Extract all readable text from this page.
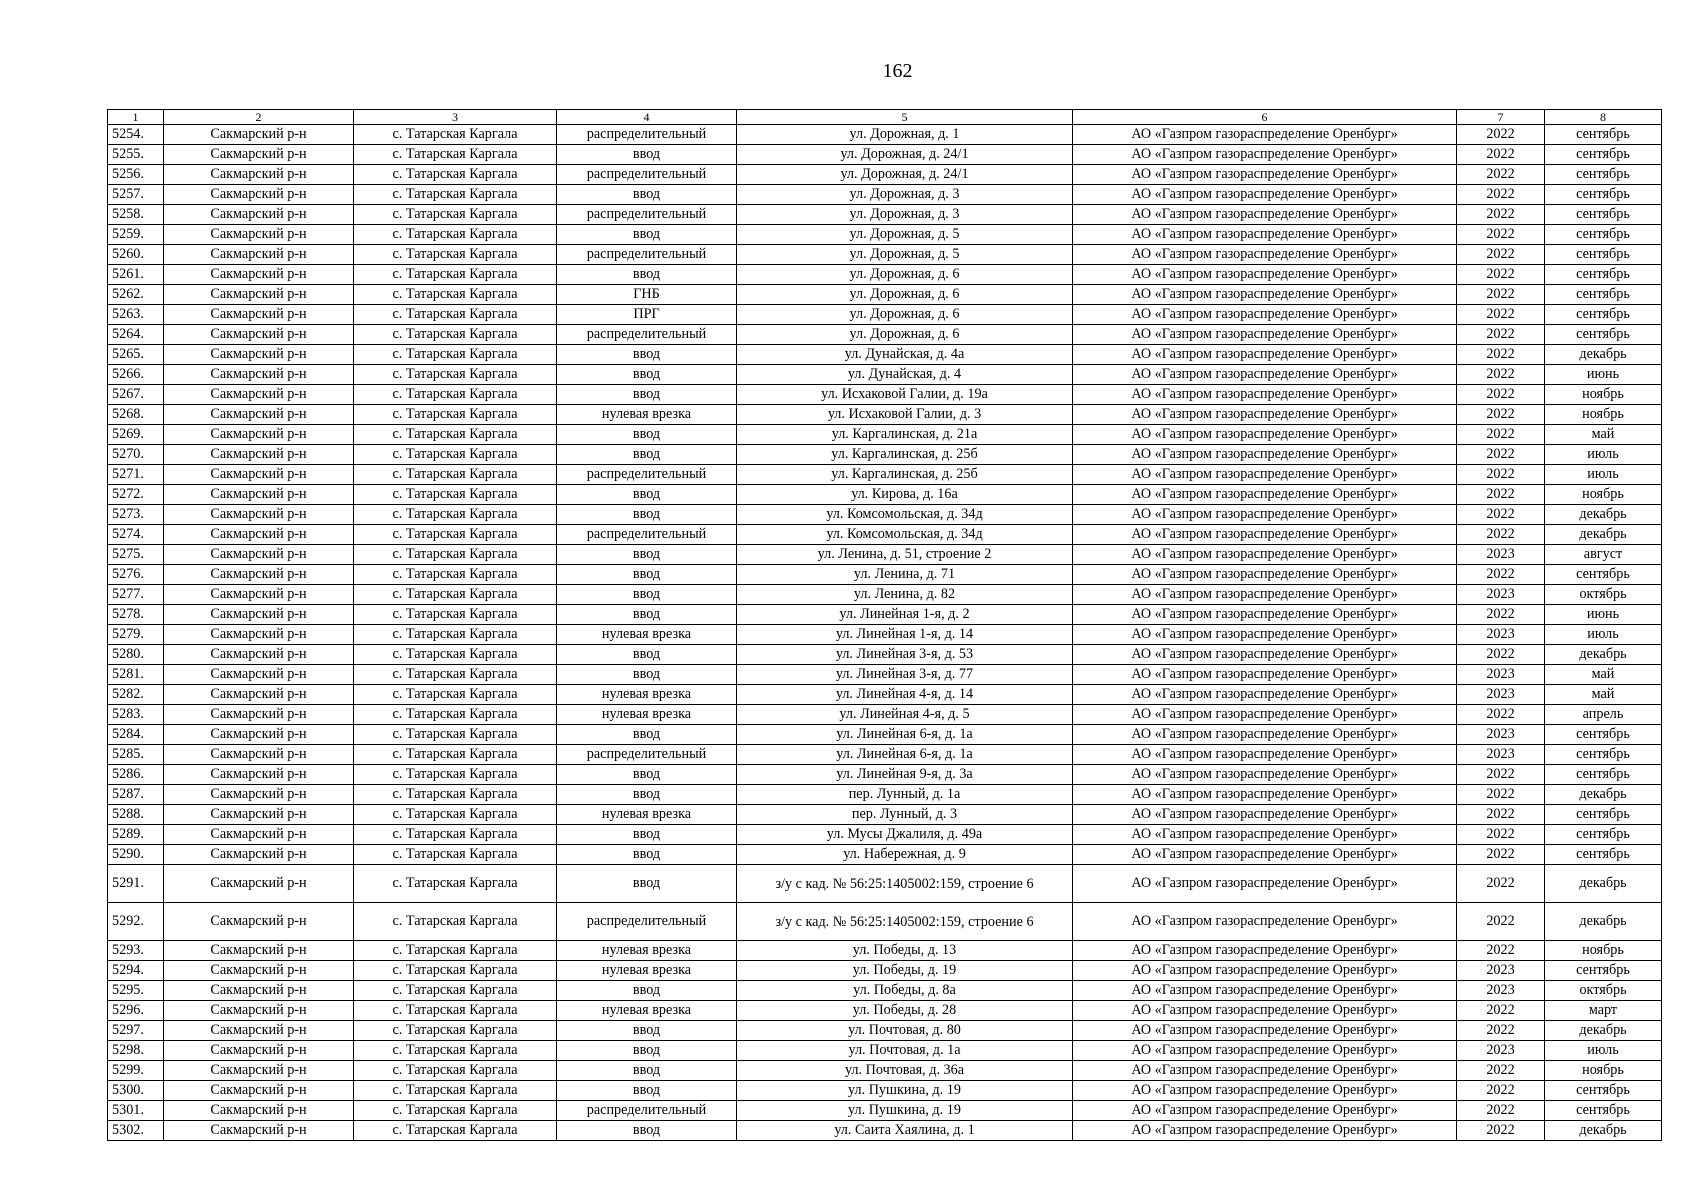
162
1	2	3	4	5	6	7	8
5254.	Сакмарский р-н	с. Татарская Каргала	распределительный	ул. Дорожная, д. 1	АО «Газпром газораспределение Оренбург»	2022	сентябрь
5255.	Сакмарский р-н	с. Татарская Каргала	ввод	ул. Дорожная, д. 24/1	АО «Газпром газораспределение Оренбург»	2022	сентябрь
5256.	Сакмарский р-н	с. Татарская Каргала	распределительный	ул. Дорожная, д. 24/1	АО «Газпром газораспределение Оренбург»	2022	сентябрь
5257.	Сакмарский р-н	с. Татарская Каргала	ввод	ул. Дорожная, д. 3	АО «Газпром газораспределение Оренбург»	2022	сентябрь
5258.	Сакмарский р-н	с. Татарская Каргала	распределительный	ул. Дорожная, д. 3	АО «Газпром газораспределение Оренбург»	2022	сентябрь
5259.	Сакмарский р-н	с. Татарская Каргала	ввод	ул. Дорожная, д. 5	АО «Газпром газораспределение Оренбург»	2022	сентябрь
5260.	Сакмарский р-н	с. Татарская Каргала	распределительный	ул. Дорожная, д. 5	АО «Газпром газораспределение Оренбург»	2022	сентябрь
5261.	Сакмарский р-н	с. Татарская Каргала	ввод	ул. Дорожная, д. 6	АО «Газпром газораспределение Оренбург»	2022	сентябрь
5262.	Сакмарский р-н	с. Татарская Каргала	ГНБ	ул. Дорожная, д. 6	АО «Газпром газораспределение Оренбург»	2022	сентябрь
5263.	Сакмарский р-н	с. Татарская Каргала	ПРГ	ул. Дорожная, д. 6	АО «Газпром газораспределение Оренбург»	2022	сентябрь
5264.	Сакмарский р-н	с. Татарская Каргала	распределительный	ул. Дорожная, д. 6	АО «Газпром газораспределение Оренбург»	2022	сентябрь
5265.	Сакмарский р-н	с. Татарская Каргала	ввод	ул. Дунайская, д. 4а	АО «Газпром газораспределение Оренбург»	2022	декабрь
5266.	Сакмарский р-н	с. Татарская Каргала	ввод	ул. Дунайская, д. 4	АО «Газпром газораспределение Оренбург»	2022	июнь
5267.	Сакмарский р-н	с. Татарская Каргала	ввод	ул. Исхаковой Галии, д. 19а	АО «Газпром газораспределение Оренбург»	2022	ноябрь
5268.	Сакмарский р-н	с. Татарская Каргала	нулевая врезка	ул. Исхаковой Галии, д. 3	АО «Газпром газораспределение Оренбург»	2022	ноябрь
5269.	Сакмарский р-н	с. Татарская Каргала	ввод	ул. Каргалинская, д. 21а	АО «Газпром газораспределение Оренбург»	2022	май
5270.	Сакмарский р-н	с. Татарская Каргала	ввод	ул. Каргалинская, д. 25б	АО «Газпром газораспределение Оренбург»	2022	июль
5271.	Сакмарский р-н	с. Татарская Каргала	распределительный	ул. Каргалинская, д. 25б	АО «Газпром газораспределение Оренбург»	2022	июль
5272.	Сакмарский р-н	с. Татарская Каргала	ввод	ул. Кирова, д. 16а	АО «Газпром газораспределение Оренбург»	2022	ноябрь
5273.	Сакмарский р-н	с. Татарская Каргала	ввод	ул. Комсомольская, д. 34д	АО «Газпром газораспределение Оренбург»	2022	декабрь
5274.	Сакмарский р-н	с. Татарская Каргала	распределительный	ул. Комсомольская, д. 34д	АО «Газпром газораспределение Оренбург»	2022	декабрь
5275.	Сакмарский р-н	с. Татарская Каргала	ввод	ул. Ленина, д. 51, строение 2	АО «Газпром газораспределение Оренбург»	2023	август
5276.	Сакмарский р-н	с. Татарская Каргала	ввод	ул. Ленина, д. 71	АО «Газпром газораспределение Оренбург»	2022	сентябрь
5277.	Сакмарский р-н	с. Татарская Каргала	ввод	ул. Ленина, д. 82	АО «Газпром газораспределение Оренбург»	2023	октябрь
5278.	Сакмарский р-н	с. Татарская Каргала	ввод	ул. Линейная 1-я, д. 2	АО «Газпром газораспределение Оренбург»	2022	июнь
5279.	Сакмарский р-н	с. Татарская Каргала	нулевая врезка	ул. Линейная 1-я, д. 14	АО «Газпром газораспределение Оренбург»	2023	июль
5280.	Сакмарский р-н	с. Татарская Каргала	ввод	ул. Линейная 3-я, д. 53	АО «Газпром газораспределение Оренбург»	2022	декабрь
5281.	Сакмарский р-н	с. Татарская Каргала	ввод	ул. Линейная 3-я, д. 77	АО «Газпром газораспределение Оренбург»	2023	май
5282.	Сакмарский р-н	с. Татарская Каргала	нулевая врезка	ул. Линейная 4-я, д. 14	АО «Газпром газораспределение Оренбург»	2023	май
5283.	Сакмарский р-н	с. Татарская Каргала	нулевая врезка	ул. Линейная 4-я, д. 5	АО «Газпром газораспределение Оренбург»	2022	апрель
5284.	Сакмарский р-н	с. Татарская Каргала	ввод	ул. Линейная 6-я, д. 1а	АО «Газпром газораспределение Оренбург»	2023	сентябрь
5285.	Сакмарский р-н	с. Татарская Каргала	распределительный	ул. Линейная 6-я, д. 1а	АО «Газпром газораспределение Оренбург»	2023	сентябрь
5286.	Сакмарский р-н	с. Татарская Каргала	ввод	ул. Линейная 9-я, д. 3а	АО «Газпром газораспределение Оренбург»	2022	сентябрь
5287.	Сакмарский р-н	с. Татарская Каргала	ввод	пер. Лунный, д. 1а	АО «Газпром газораспределение Оренбург»	2022	декабрь
5288.	Сакмарский р-н	с. Татарская Каргала	нулевая врезка	пер. Лунный, д. 3	АО «Газпром газораспределение Оренбург»	2022	сентябрь
5289.	Сакмарский р-н	с. Татарская Каргала	ввод	ул. Мусы Джалиля, д. 49а	АО «Газпром газораспределение Оренбург»	2022	сентябрь
5290.	Сакмарский р-н	с. Татарская Каргала	ввод	ул. Набережная, д. 9	АО «Газпром газораспределение Оренбург»	2022	сентябрь
5291.	Сакмарский р-н	с. Татарская Каргала	ввод	з/у с кад. № 56:25:1405002:159, строение 6	АО «Газпром газораспределение Оренбург»	2022	декабрь
5292.	Сакмарский р-н	с. Татарская Каргала	распределительный	з/у с кад. № 56:25:1405002:159, строение 6	АО «Газпром газораспределение Оренбург»	2022	декабрь
5293.	Сакмарский р-н	с. Татарская Каргала	нулевая врезка	ул. Победы, д. 13	АО «Газпром газораспределение Оренбург»	2022	ноябрь
5294.	Сакмарский р-н	с. Татарская Каргала	нулевая врезка	ул. Победы, д. 19	АО «Газпром газораспределение Оренбург»	2023	сентябрь
5295.	Сакмарский р-н	с. Татарская Каргала	ввод	ул. Победы, д. 8а	АО «Газпром газораспределение Оренбург»	2023	октябрь
5296.	Сакмарский р-н	с. Татарская Каргала	нулевая врезка	ул. Победы, д. 28	АО «Газпром газораспределение Оренбург»	2022	март
5297.	Сакмарский р-н	с. Татарская Каргала	ввод	ул. Почтовая, д. 80	АО «Газпром газораспределение Оренбург»	2022	декабрь
5298.	Сакмарский р-н	с. Татарская Каргала	ввод	ул. Почтовая, д. 1а	АО «Газпром газораспределение Оренбург»	2023	июль
5299.	Сакмарский р-н	с. Татарская Каргала	ввод	ул. Почтовая, д. 36а	АО «Газпром газораспределение Оренбург»	2022	ноябрь
5300.	Сакмарский р-н	с. Татарская Каргала	ввод	ул. Пушкина, д. 19	АО «Газпром газораспределение Оренбург»	2022	сентябрь
5301.	Сакмарский р-н	с. Татарская Каргала	распределительный	ул. Пушкина, д. 19	АО «Газпром газораспределение Оренбург»	2022	сентябрь
5302.	Сакмарский р-н	с. Татарская Каргала	ввод	ул. Саита Хаялина, д. 1	АО «Газпром газораспределение Оренбург»	2022	декабрь
